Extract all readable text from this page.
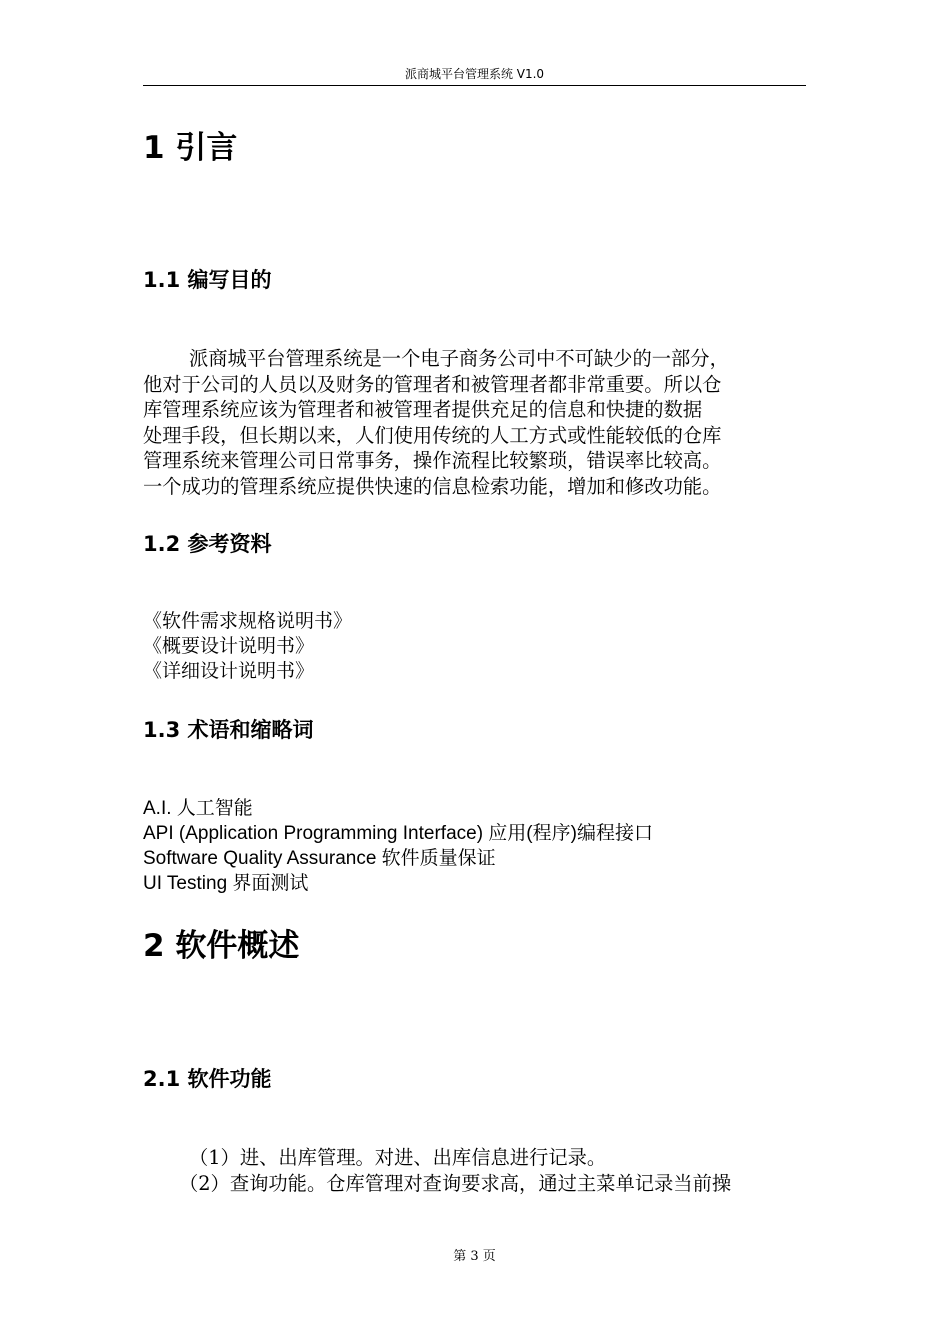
派商城平台管理系统 V1.0
1 引言
1.1 编写目的
派商城平台管理系统是一个电子商务公司中不可缺少的一部分，
他对于公司的人员以及财务的管理者和被管理者都非常重要。所以仓
库管理系统应该为管理者和被管理者提供充足的信息和快捷的数据
处理手段，但长期以来，人们使用传统的人工方式或性能较低的仓库
管理系统来管理公司日常事务，操作流程比较繁琐，错误率比较高。
一个成功的管理系统应提供快速的信息检索功能，增加和修改功能。
1.2 参考资料
《软件需求规格说明书》
《概要设计说明书》
《详细设计说明书》
1.3 术语和缩略词
A.I. 人工智能
API (Application Programming Interface) 应用(程序)编程接口
Software Quality Assurance 软件质量保证
UI Testing 界面测试
2 软件概述
2.1 软件功能
（1）进、出库管理。对进、出库信息进行记录。
（2）查询功能。仓库管理对查询要求高，通过主菜单记录当前操
第 3 页
